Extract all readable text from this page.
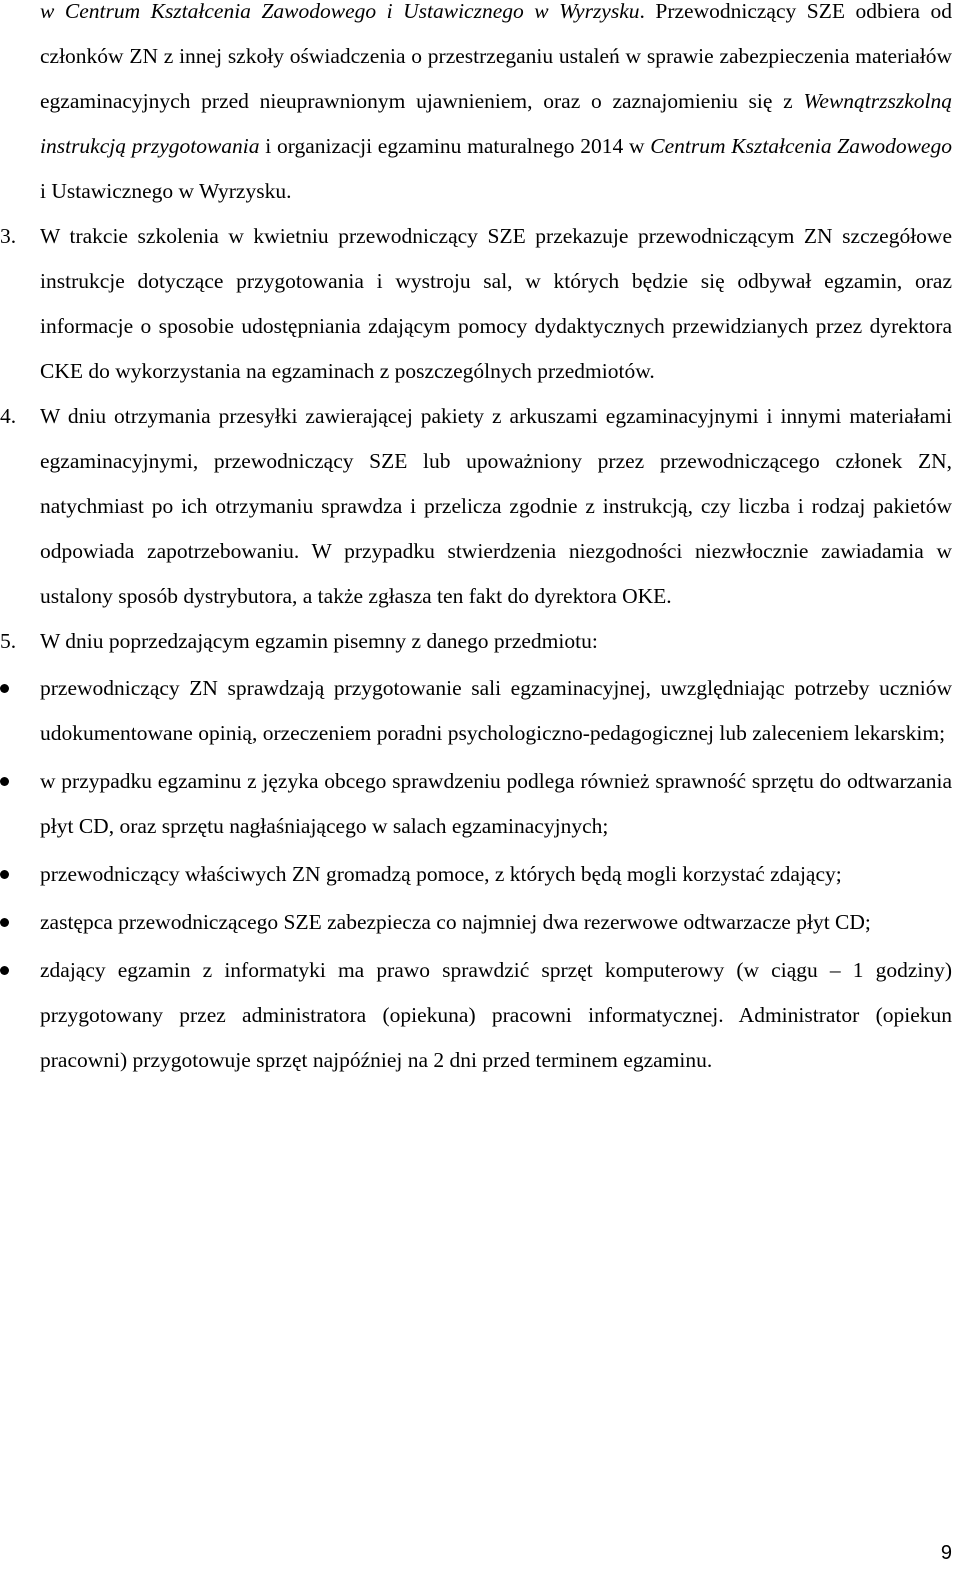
w Centrum Kształcenia Zawodowego i Ustawicznego w Wyrzysku. Przewodniczący SZE odbiera od członków ZN z innej szkoły oświadczenia o przestrzeganiu ustaleń w sprawie zabezpieczenia materiałów egzaminacyjnych przed nieuprawnionym ujawnieniem, oraz o zaznajomieniu się z Wewnątrzszkolną instrukcją przygotowania i organizacji egzaminu maturalnego 2014 w Centrum Kształcenia Zawodowego i Ustawicznego w Wyrzysku.

3.	W trakcie szkolenia w kwietniu przewodniczący SZE przekazuje przewodniczącym ZN szczegółowe instrukcje dotyczące przygotowania i wystroju sal, w których będzie się odbywał egzamin, oraz informacje o sposobie udostępniania zdającym pomocy dydaktycznych przewidzianych przez dyrektora CKE do wykorzystania na egzaminach z poszczególnych przedmiotów.

4.	W dniu otrzymania przesyłki zawierającej pakiety z arkuszami egzaminacyjnymi i innymi materiałami egzaminacyjnymi, przewodniczący SZE lub upoważniony przez przewodniczącego członek ZN, natychmiast po ich otrzymaniu sprawdza i przelicza zgodnie z instrukcją, czy liczba i rodzaj pakietów odpowiada zapotrzebowaniu. W przypadku stwierdzenia niezgodności niezwłocznie zawiadamia w ustalony sposób dystrybutora, a także zgłasza ten fakt do dyrektora OKE.

5.	W dniu poprzedzającym egzamin pisemny z danego przedmiotu:

przewodniczący ZN sprawdzają przygotowanie sali egzaminacyjnej, uwzględniając potrzeby uczniów udokumentowane opinią, orzeczeniem poradni psychologiczno-pedagogicznej lub zaleceniem lekarskim;

w przypadku egzaminu z języka obcego sprawdzeniu podlega również sprawność sprzętu do odtwarzania płyt CD, oraz sprzętu nagłaśniającego w salach egzaminacyjnych;

przewodniczący właściwych ZN gromadzą pomoce, z których będą mogli korzystać zdający;

zastępca przewodniczącego SZE zabezpiecza co najmniej dwa rezerwowe odtwarzacze płyt CD;

zdający egzamin z informatyki ma prawo sprawdzić sprzęt komputerowy (w ciągu – 1 godziny) przygotowany przez administratora (opiekuna) pracowni informatycznej. Administrator (opiekun pracowni) przygotowuje sprzęt najpóźniej na 2 dni przed terminem egzaminu.

9
